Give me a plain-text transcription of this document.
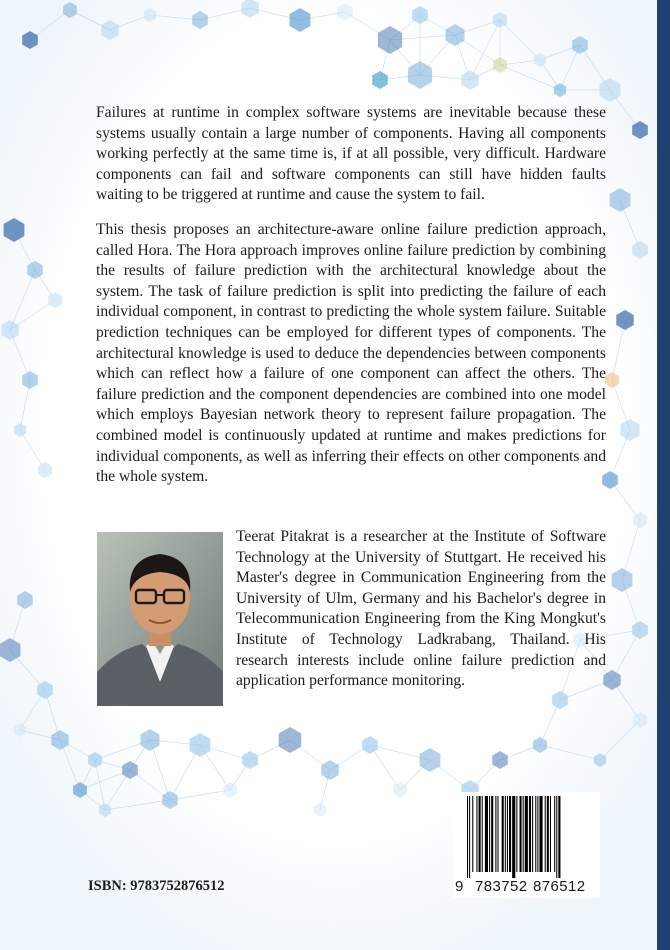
Failures at runtime in complex software systems are inevitable because these systems usually contain a large number of components. Having all components working perfectly at the same time is, if at all possible, very difficult. Hardware components can fail and software components can still have hidden faults waiting to be triggered at runtime and cause the system to fail.

This thesis proposes an architecture-aware online failure prediction approach, called Hora. The Hora approach improves online failure prediction by combining the results of failure prediction with the architectural knowledge about the system. The task of failure prediction is split into predicting the failure of each individual component, in contrast to predicting the whole system failure. Suitable prediction techniques can be employed for different types of components. The architectural knowledge is used to deduce the dependencies between components which can reflect how a failure of one component can affect the others. The failure prediction and the component dependencies are combined into one model which employs Bayesian network theory to represent failure propagation. The combined model is continuously updated at runtime and makes predictions for individual components, as well as inferring their effects on other components and the whole system.

Teerat Pitakrat is a researcher at the Institute of Software Technology at the University of Stuttgart. He received his Master's degree in Communication Engineering from the University of Ulm, Germany and his Bachelor's degree in Telecommunication Engineering from the King Mongkut's Institute of Technology Ladkrabang, Thailand. His research interests include online failure prediction and application performance monitoring.

ISBN: 9783752876512	9 783752 876512
